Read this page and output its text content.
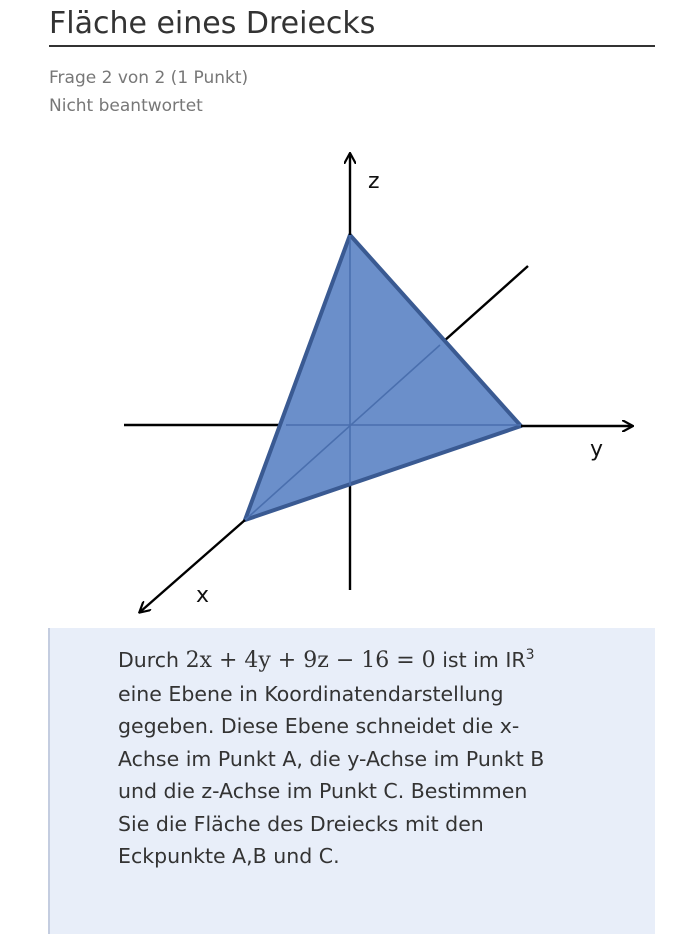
Fläche eines Dreiecks
Frage 2 von 2 (1 Punkt)
Nicht beantwortet
z
y
x
Durch 2x + 4y + 9z − 16 = 0 ist im $IR^3$ eine Ebene in Koordinatendarstellung gegeben. Diese Ebene schneidet die x-Achse im Punkt A, die y-Achse im Punkt B und die z-Achse im Punkt C. Bestimmen Sie die Fläche des Dreiecks mit den Eckpunkte A,B und C.
